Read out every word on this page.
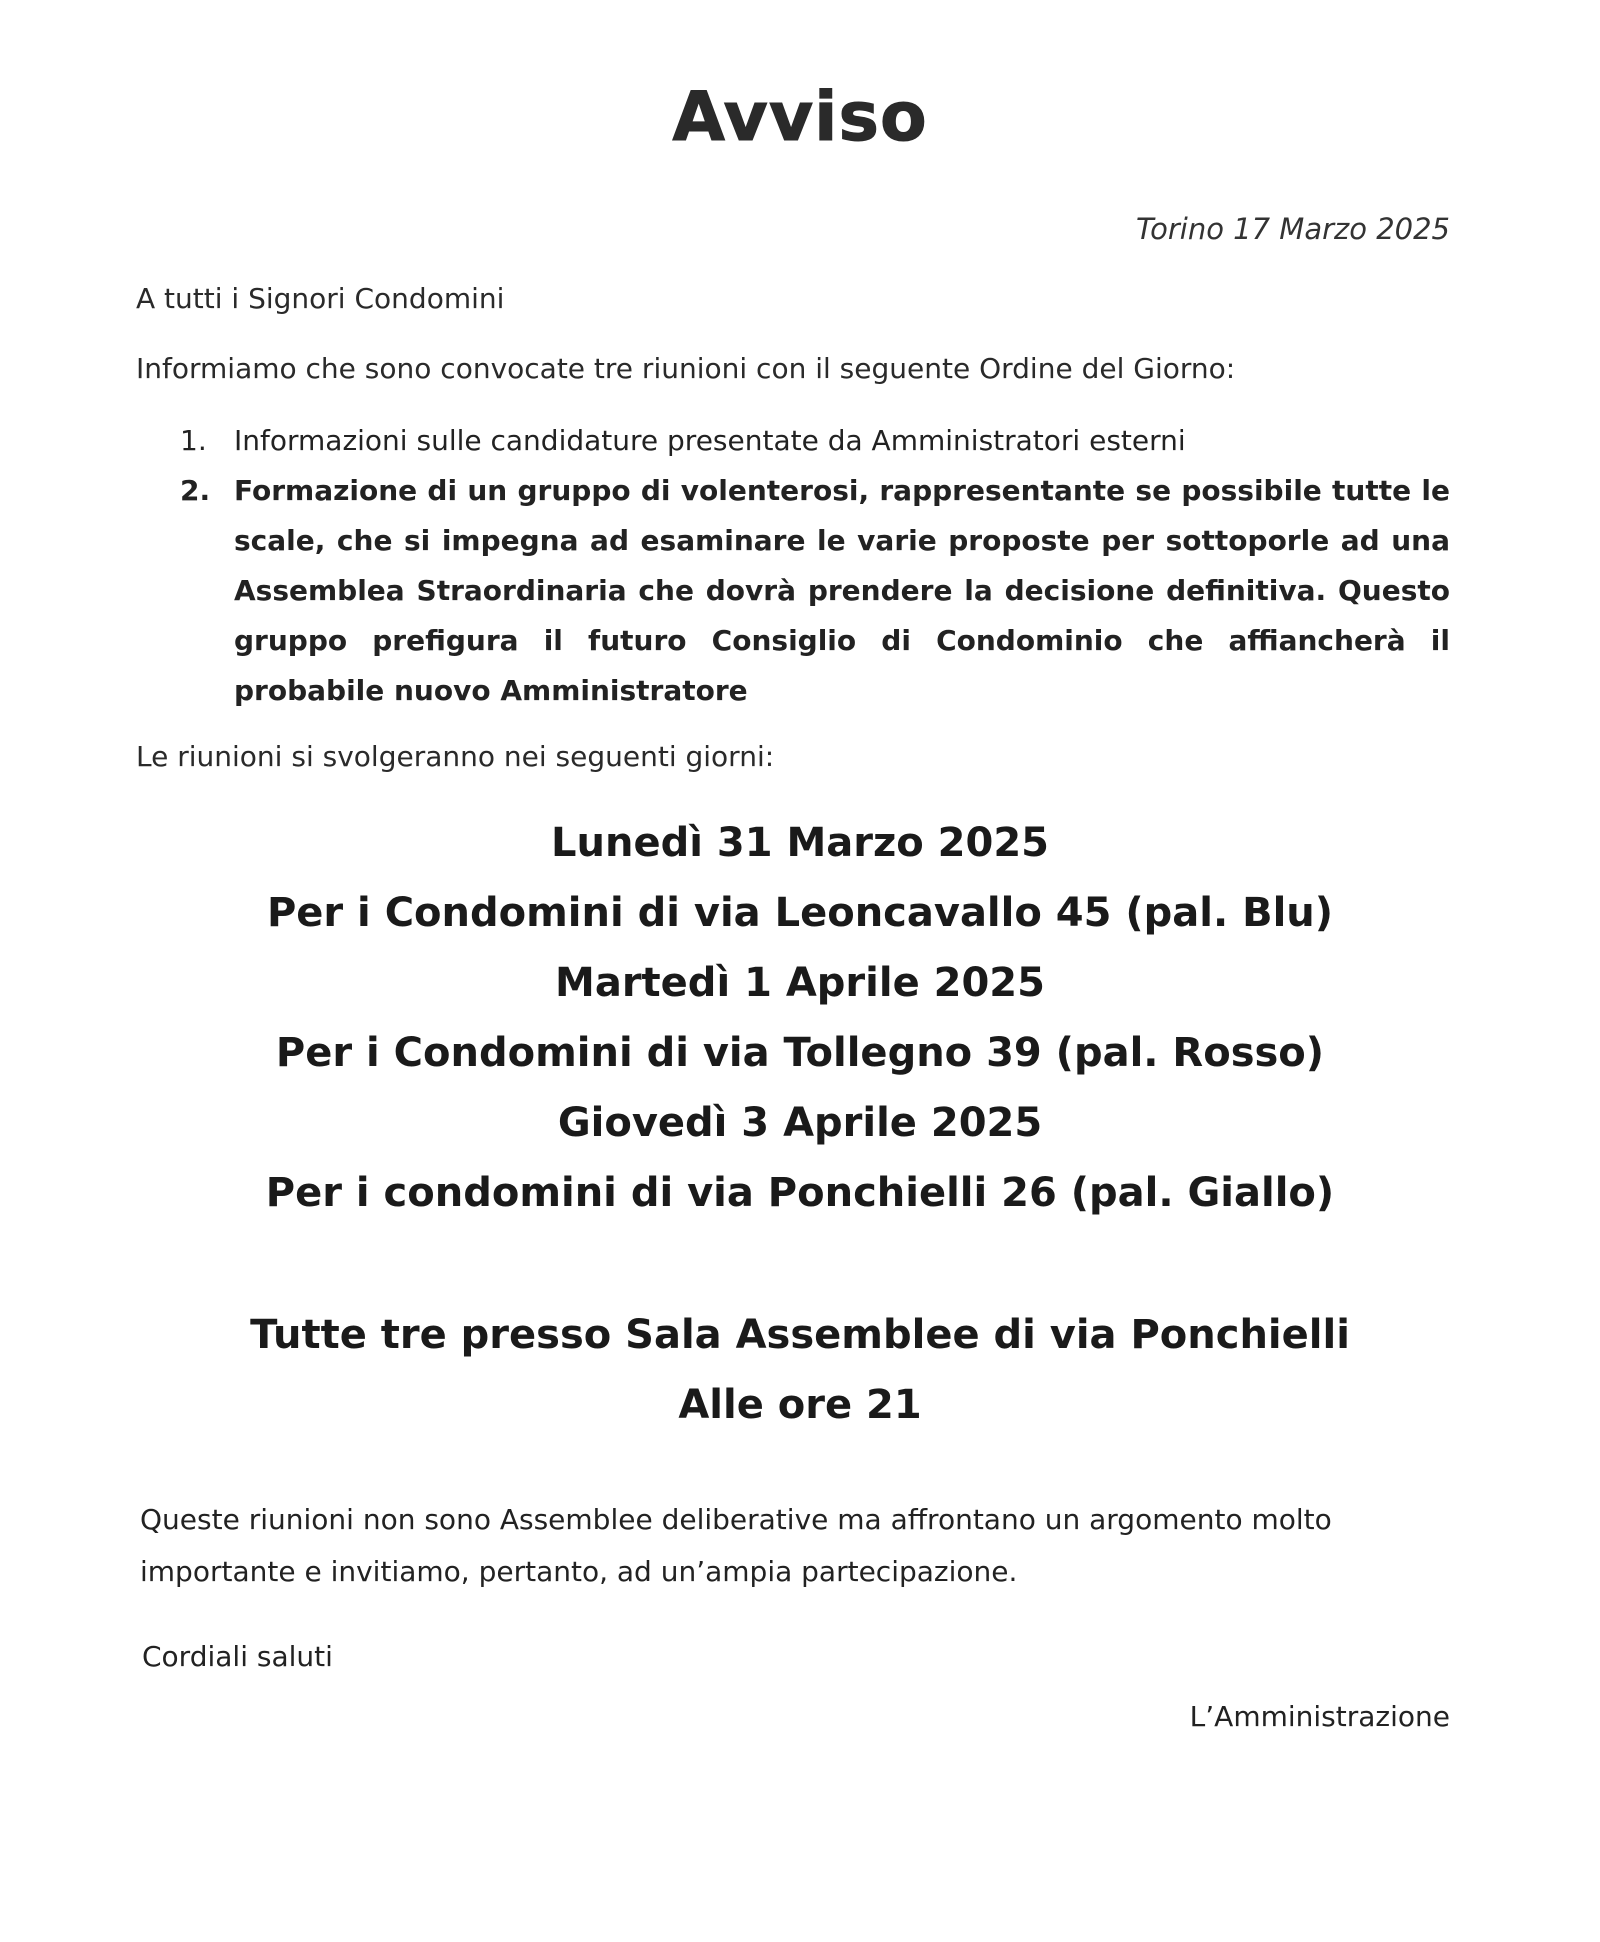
Avviso
Torino 17 Marzo 2025
A tutti i Signori Condomini
Informiamo che sono convocate tre riunioni con il seguente Ordine del Giorno:
1. Informazioni sulle candidature presentate da Amministratori esterni
2. Formazione di un gruppo di volenterosi, rappresentante se possibile tutte le scale, che si impegna ad esaminare le varie proposte per sottoporle ad una Assemblea Straordinaria che dovrà prendere la decisione definitiva. Questo gruppo prefigura il futuro Consiglio di Condominio che affiancherà il probabile nuovo Amministratore
Le riunioni si svolgeranno nei seguenti giorni:
Lunedì 31 Marzo 2025
Per i Condomini di via Leoncavallo 45 (pal. Blu)
Martedì 1 Aprile 2025
Per i Condomini di via Tollegno 39 (pal. Rosso)
Giovedì 3 Aprile 2025
Per i condomini di via Ponchielli 26 (pal. Giallo)
Tutte tre presso Sala Assemblee di via Ponchielli
Alle ore 21
Queste riunioni non sono Assemblee deliberative ma affrontano un argomento molto importante e invitiamo, pertanto, ad un’ampia partecipazione.
Cordiali saluti
L’Amministrazione
